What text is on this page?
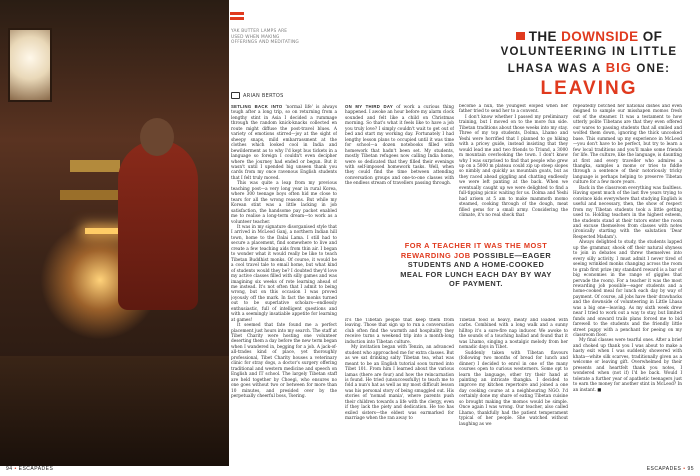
YAK BUTTER LAMPS ARE USED WHEN MAKING OFFERINGS AND MEDITATING
ARIAN BERTOS
THE DOWNSIDE OF
VOLUNTEERING IN LITTLE
LHASA WAS A BIG ONE:
LEAVING

SETLING BACK INTO 'normal life' is always tough after a long trip, so on returning from a lengthy stint in Asia I decided a rummage through the random knick-knacks collected en route might diffuse the post-travel blues. A variety of emotions stirred—joy at the sight of sheepy snaps, mild embarrassment at the clothes which looked cool in India and bewilderment as to why I'd kept bus tickets in a language so foreign I couldn't even decipher where the journey had ended or begun. But it wasn't until I upended big unseen thank you cards from my once ravenous English students that I felt truly moved.

This was quite a leap from my previous teaching post—a very long year in rural Korea, where 300 teenage boys often hid me close to tears for all the wrong reasons. But while my Korean stint was a little lacking in job satisfaction, the handsome pay packet enabled me to realise a long-term dream—to work as a volunteer teacher.

It was in my signature disorganised style that I arrived in McLeod Ganj, a northern Indian hill town, home to the Dalai Lama. I still had to secure a placement, find somewhere to live and create a few teaching aids from thin air. I began to wonder what it would really be like to teach Tibetan Buddhist monks. Of course, it would be a cool travel tale to email home, but what kind of students would they be? I doubted they'd love my active classes filled with silly games and was imagining six weeks of rote learning ahead of me instead. It's not often that I admit to being wrong, but on this occasion I was proved joyously off the mark. In fact the monks turned out to be superlative scholars—endlessly enthusiastic, full of intelligent questions and with a seemingly insatiable appetite for learning at games!

It seemed that fate found me a perfect placement just hours into my search. The staff at Tibet Charity were hosting one volunteer deserting them a day before the new term began when I wandered in, begging for a job. A jack-of-all-trades kind of place, yet thoroughly professional, Tibet Charity houses a veterinary clinic for stray dogs, a doctor's surgery offering traditional and western medicine and speech on English and IT school. The largely Tibetan staff are held together by Choegi, who ensures no one goes without two or between for more than 10 minutes, and presided over by the perpetually cheerful boss, Tsering.

ON MY THIRD DAY of work a curious thing happened. I awoke an hour before my alarm clock sounded and felt like a child on Christmas morning. So that's what it feels like to have a job you truly love? I simply couldn't wait to get out of bed and start my working day. Fortunately I had lengthy lesson plans to occupied until it was time for school—a dozen notebooks filled with homework that hadn't been set. My students, mostly Tibetan refugees now calling India home, were so dedicated that they filled their evenings with self-imposed homework tasks. Well, when they could find the time between attending conversation groups and one-to-one classes with the endless stream of travellers passing through.

become a nun, the youngest eloped when her father tried to send her to a convent.

I don't know whether I passed my preliminary training, but I moved on to the more fun side. Tibetan traditions about those weeks into my stay. Three of my top students, Dolma, Lhamo and Yeshi were horrified that I planned to go hiking with a pricey guide, instead insisting that they would lead me and two friends to Triund, a 3000 m mountain overlooking the town. I don't know why I was surprised to find that people who grew up on a 5000 m plateau could zip up steep slopes so nimbly and quickly as mountain goats, but as they raced ahead giggling and chatting endlessly we were left panting at the back. When we eventually caught up we were delighted to find a full-tipping picnic waiting for us. Dolma and Yeshi had arisen at 5 am to make mammoth momo steamed, cooking through of the dough, meat filled gems for a small army. Considering the climate, it's no real shock that

FOR A TEACHER IT WAS THE MOST REWARDING JOB POSSIBLE—EAGER STUDENTS AND A HOME-COOKED MEAL FOR LUNCH EACH DAY BY WAY OF PAYMENT.

it's the Tibetan people that keep them from leaving. Those that sign up to run a conversation club often find the warmth and hospitality they receive turns a weekend trip into a month-long induction into Tibetan culture.

My invitation began with Tenzin, an advanced student who approached me for extra classes. But as we sat drinking salty Tibetan tea, what was meant to be an English tutorial soon turned into Tibet 101. From him I learned about the various lamas (there are four) and how the reincarnation is found. He tried (unsuccessfully) to teach me to fold a nun's hat as well as my most difficult lesson was his personal story of being smuggled out. His stories of 'nomad mania', where parents push their children towards a life with the clergy, even if they lack the piety and dedication. He too has exiled sisters—the eldest was earmarked for marriage when the ran away to

Tibetan food is heavy, meaty and loaded with carbs. Combined with a long walk and a sunny hilltop it's a sure-fire nap inducer. We awoke to the sounds of a touching ballad and found that it was Lhamo, singing a nostalgic melody from her nomadic days in Tibet.

Suddenly taken with Tibetan flavours (following two months of bread for lunch and dinner) I decided to enrol in one of the many courses open to curious westerners. Some opt to learn the language, other try their hand at painting an intricate thangka. I decided to improve my kitchen repertoire and joined a one day cooking course at a neighbouring NGO. I'd certainly done my share of eating Tibetan cuisine so brought making the momos would be simple. Once again I was wrong. Our teacher, also called Lhamo, thankfully had the patient temperament typical of her people. She watched without laughing as we

repeatedly botched her national dishes and even deigned to sample our misshapen momos fresh out of the steamer. It was a testament to how utterly polite Tibetans are that they even offered our wares to passing students that all smiled and wolfed them down, ignoring the thick uncooked base. This summed up my experience in McLeod—you don't have to be perfect, but try to learn a few local traditions and you'll make some friends for life. The culture, like the language, is daunting at first and every traveller who admires a thangka, samples a momo or tries to fiddle through a sentence of their notoriously tricky language is perhaps helping to preserve Tibetan culture for a few more years.

Back in the classroom everything was faultless. Having spent much of the last five years trying to convince kids everywhere that studying English is useful and necessary, then, the show of respect from my Tibetan students took a little getting used to. Holding teachers in the highest esteem, the students stand at their tutors enter the room and excuse themselves from classes with notes (ironically starting with the salutation 'Dear Respected Madam').

Always delighted to study, the students lapped up the grammar, shook off their natural shyness to join in debates and threw themselves into every silly activity. I must admit I never tired of seeing wrinkled monks changing across the room to grab first prize (my standard reward is a bar of big economies in the range of giggles that pervade the room). For a teacher it was the most rewarding job possible—eager students and a home-cooked meal for lunch each day by way of payment. Of course, all jobs have their drawbacks and the downside of volunteering in Little Lhasa was a big one—leaving. As my sixth week drew near I tried to work out a way to stay, but limited funds and onward trails plans forced me to bid farewell to the students and the friendly little street puppy with a penchant for peeing on my classroom floor.

My final classes were tearful ones. After a brief and choked up thank you I was about to make a hasty exit when I was suddenly showered with khata—white silk scarves, traditionally given as a welcome or leaving gift. Overwhelmed by their presents and heartfelt thank you notes, I wondered when (not if) I'd be back. Would I tolerate a further year of apathetic teenagers just to earn the money for another stint in McLeod? In an instant. ■

94 • ESCAPADES	ESCAPADES • 95
